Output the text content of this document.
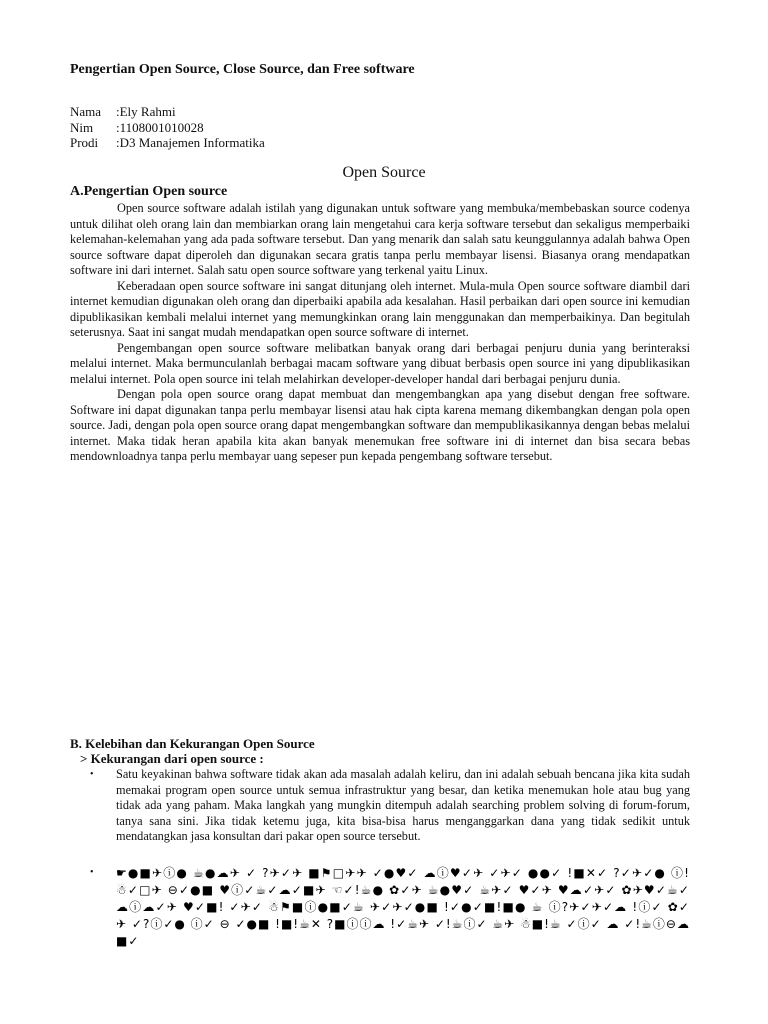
Pengertian Open Source, Close Source, dan Free software
Nama	:Ely Rahmi
Nim	:1108001010028
Prodi	:D3 Manajemen Informatika
Open Source
A.Pengertian Open source

Open source software adalah istilah yang digunakan untuk software yang membuka/membebaskan source codenya untuk dilihat oleh orang lain dan membiarkan orang lain mengetahui cara kerja software tersebut dan sekaligus memperbaiki kelemahan-kelemahan yang ada pada software tersebut. Dan yang menarik dan salah satu keunggulannya adalah bahwa Open source software dapat diperoleh dan digunakan secara gratis tanpa perlu membayar lisensi. Biasanya orang mendapatkan software ini dari internet. Salah satu open source software yang terkenal yaitu Linux.

Keberadaan open source software ini sangat ditunjang oleh internet. Mula-mula Open source software diambil dari internet kemudian digunakan oleh orang dan diperbaiki apabila ada kesalahan. Hasil perbaikan dari open source ini kemudian dipublikasikan kembali melalui internet yang memungkinkan orang lain menggunakan dan memperbaikinya. Dan begitulah seterusnya. Saat ini sangat mudah mendapatkan open source software di internet.

Pengembangan open source software melibatkan banyak orang dari berbagai penjuru dunia yang berinteraksi melalui internet. Maka bermunculanlah berbagai macam software yang dibuat berbasis open source ini yang dipublikasikan melalui internet. Pola open source ini telah melahirkan developer-developer handal dari berbagai penjuru dunia.

Dengan pola open source orang dapat membuat dan mengembangkan apa yang disebut dengan free software. Software ini dapat digunakan tanpa perlu membayar lisensi atau hak cipta karena memang dikembangkan dengan pola open source. Jadi, dengan pola open source orang dapat mengembangkan software dan mempublikasikannya dengan bebas melalui internet. Maka tidak heran apabila kita akan banyak menemukan free software ini di internet dan bisa secara bebas mendownloadnya tanpa perlu membayar uang sepeser pun kepada pengembang software tersebut.

B. Kelebihan dan Kekurangan Open Source
> Kekurangan dari open source :
•	Satu keyakinan bahwa software tidak akan ada masalah adalah keliru, dan ini adalah sebuah bencana jika kita sudah memakai program open source untuk semua infrastruktur yang besar, dan ketika menemukan hole atau bug yang tidak ada yang paham. Maka langkah yang mungkin ditempuh adalah searching problem solving di forum-forum, tanya sana sini. Jika tidak ketemu juga, kita bisa-bisa harus menganggarkan dana yang tidak sedikit untuk mendatangkan jasa konsultan dari pakar open source tersebut.
•	☛●■✈ⓘ● ☕●☁✈ ✓ ?✈✓✈ ■⚑□✈✈ ✓●♥✓ ☁ⓘ♥✓✈ ✓✈✓ ●●✓ !■✕✓ ?✓✈✓● ⓘ!☃✓□✈ ⊖✓●■ ♥ⓘ✓☕✓☁✓■✈ ☜✓!☕● ✿✓✈ ☕●♥✓ ☕✈✓ ♥✓✈ ♥☁✓✈✓ ✿✈♥✓☕✓ ☁ⓘ☁✓✈ ♥✓■! ✓✈✓ ☃⚑■ⓘ●■✓☕ ✈✓✈✓●■ !✓●✓■!■● ☕ ⓘ?✈✓✈✓☁ !ⓘ✓ ✿✓✈ ✓?ⓘ✓● ⓘ✓ ⊖ ✓●■ !■!☕✕ ?■ⓘⓘ☁ !✓☕✈ ✓!☕ⓘ✓ ☕✈ ☃■!☕ ✓ⓘ✓ ☁ ✓!☕ⓘ⊖☁ ■✓
